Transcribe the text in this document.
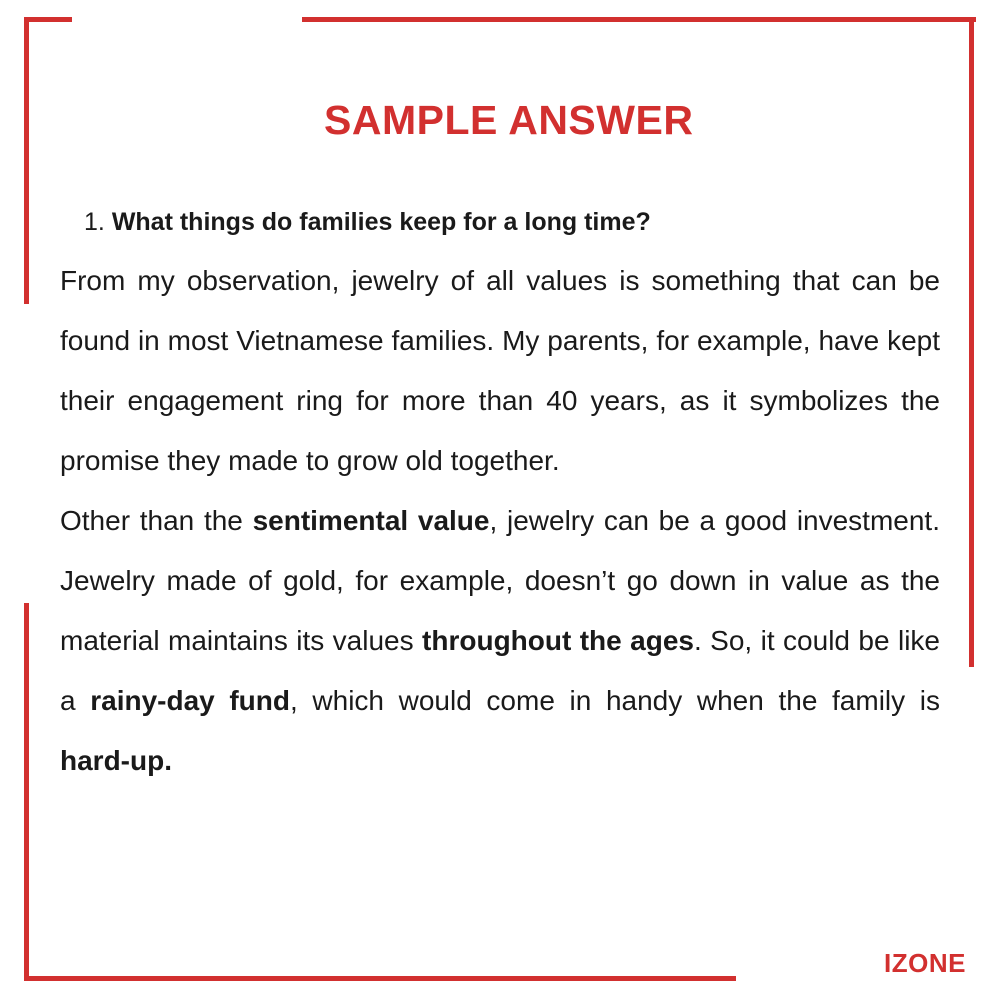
SAMPLE ANSWER
1. What things do families keep for a long time?

From my observation, jewelry of all values is something that can be found in most Vietnamese families. My parents, for example, have kept their engagement ring for more than 40 years, as it symbolizes the promise they made to grow old together.

Other than the sentimental value, jewelry can be a good investment. Jewelry made of gold, for example, doesn’t go down in value as the material maintains its values throughout the ages. So, it could be like a rainy-day fund, which would come in handy when the family is hard-up.

IZONE
